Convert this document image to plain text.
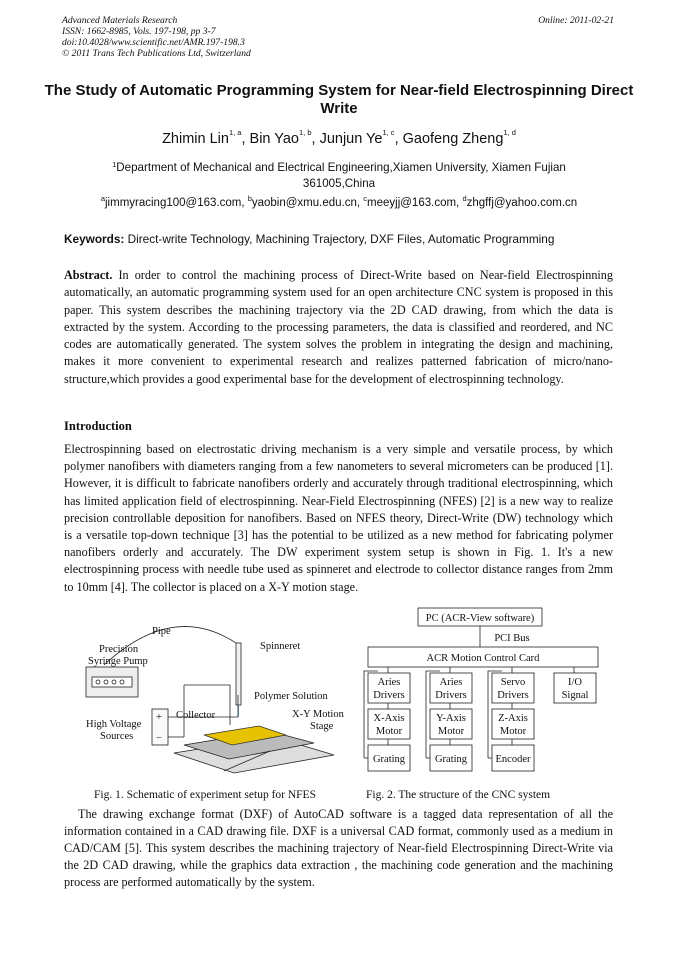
Advanced Materials Research
ISSN: 1662-8985, Vols. 197-198, pp 3-7
doi:10.4028/www.scientific.net/AMR.197-198.3
© 2011 Trans Tech Publications Ltd, Switzerland
Online: 2011-02-21
The Study of Automatic Programming System for Near-field Electrospinning Direct Write
Zhimin Lin$^{1, a}$, Bin Yao$^{1, b}$, Junjun Ye$^{1, c}$, Gaofeng Zheng$^{1, d}$
$^1$Department of Mechanical and Electrical Engineering,Xiamen University, Xiamen Fujian
361005,China
$^a$jimmyracing100@163.com, $^b$yaobin@xmu.edu.cn, $^c$meeyjj@163.com, $^d$zhgffj@yahoo.com.cn
Keywords: Direct-write Technology, Machining Trajectory, DXF Files, Automatic Programming
Abstract. In order to control the machining process of Direct-Write based on Near-field Electrospinning automatically, an automatic programming system used for an open architecture CNC system is proposed in this paper. This system describes the machining trajectory via the 2D CAD drawing, from which the data is extracted by the system. According to the processing parameters, the data is classified and reordered, and NC codes are automatically generated. The system solves the problem in integrating the design and machining, makes it more convenient to experimental research and realizes patterned fabrication of micro/nano-structure,which provides a good experimental base for the development of electrospinning technology.
Introduction
Electrospinning based on electrostatic driving mechanism is a very simple and versatile process, by which polymer nanofibers with diameters ranging from a few nanometers to several micrometers can be produced [1]. However, it is difficult to fabricate nanofibers orderly and accurately through traditional electrospinning, which has limited application field of electrospinning. Near-Field Electrospinning (NFES) [2] is a new way to realize precision controllable deposition for nanofibers. Based on NFES theory, Direct-Write (DW) technology which is a versatile top-down technique [3] has the potential to be utilized as a new method for fabricating polymer nanofibers orderly and accurately. The DW experiment system setup is shown in Fig. 1. It's a new electrospinning process with needle tube used as spinneret and electrode to collector distance ranges from 2mm to 10mm [4]. The collector is placed on a X-Y motion stage.
Pipe
Spinneret
Precision
Syringe Pump
Polymer Solution
Collector	X-Y Motion
Stage
High Voltage
Sources
+
−
PC (ACR-View software)
PCI Bus
ACR Motion Control Card
Aries
Drivers
Aries
Drivers
Servo
Drivers
I/O
Signal
X-Axis
Motor
Y-Axis
Motor
Z-Axis
Motor
Grating	Grating	Encoder
Fig. 1. Schematic of experiment setup for NFES	Fig. 2. The structure of the CNC system
The drawing exchange format (DXF) of AutoCAD software is a tagged data representation of all the information contained in a CAD drawing file. DXF is a universal CAD format, commonly used as a medium in CAD/CAM [5]. This system describes the machining trajectory of Near-field Electrospinning Direct-Write via the 2D CAD drawing, while the graphics data extraction , the machining code generation and the machining process are performed automatically by the system.
